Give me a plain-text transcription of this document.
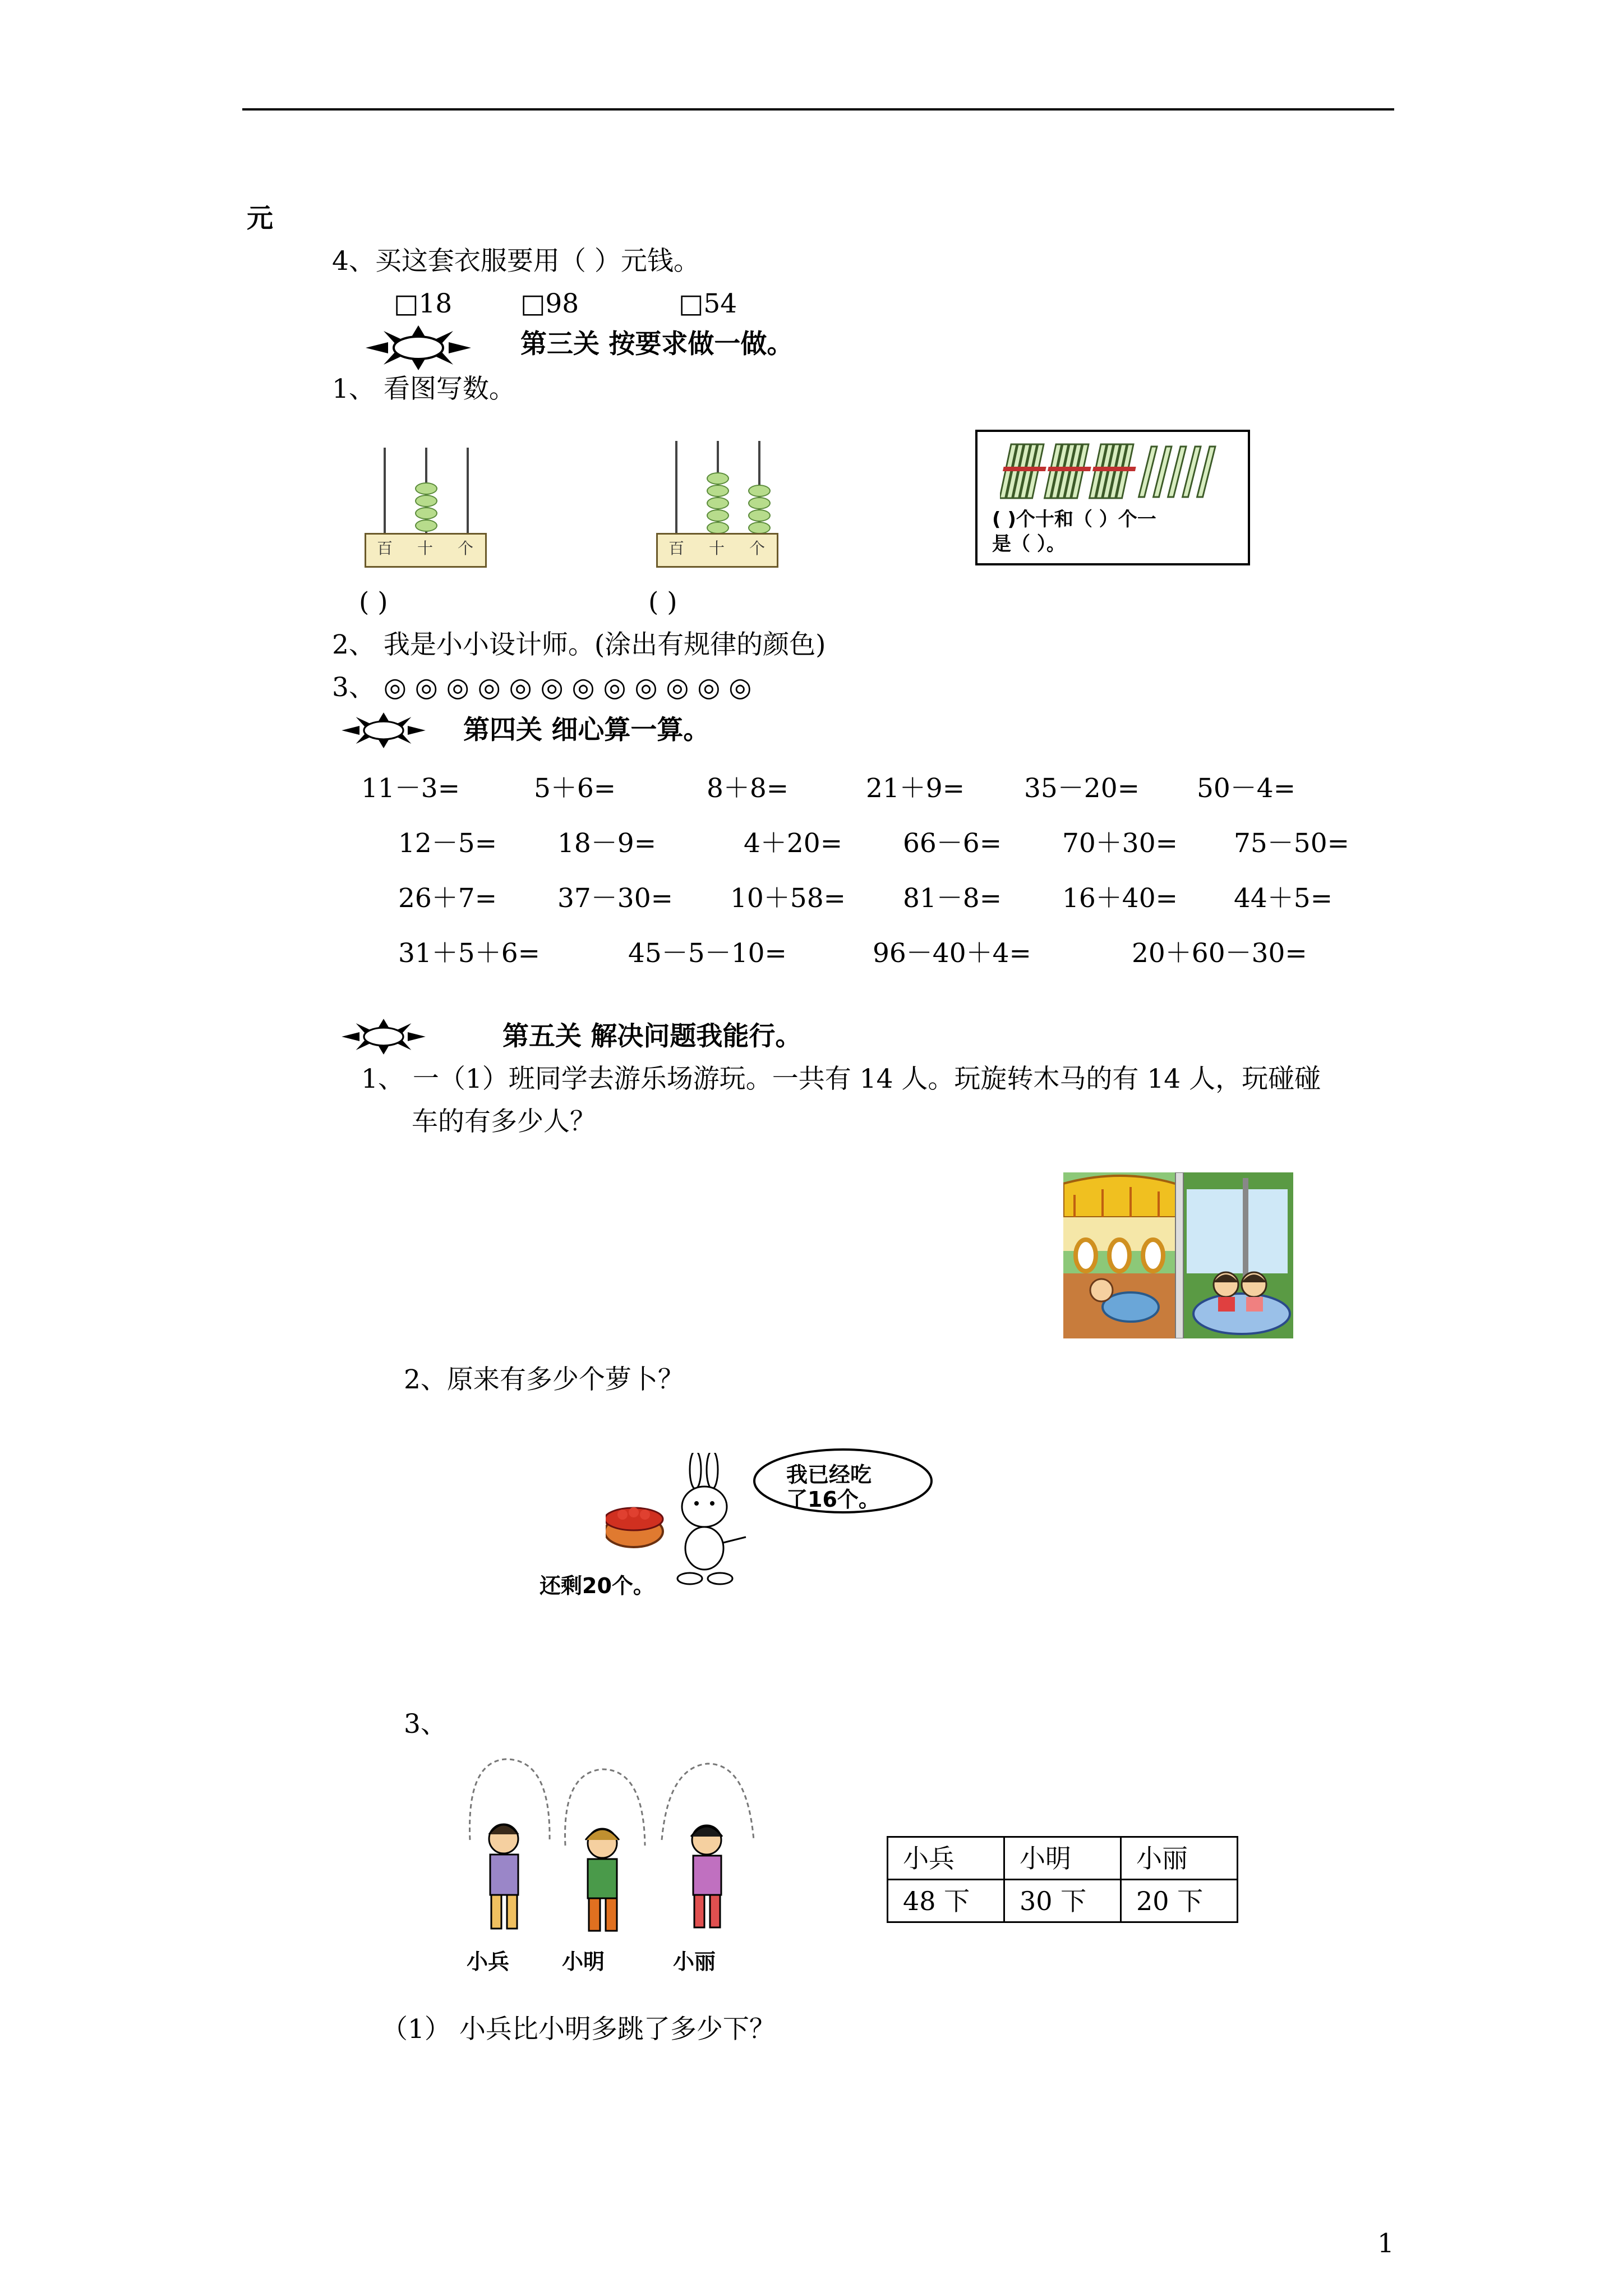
元
4、买这套衣服要用（ ）元钱。
□18	□98	□54
第三关 按要求做一做。
1、 看图写数。
百 十 个	百 十 个
( )个十和（ ）个一
是（ ）。
( )	( )
2、 我是小小设计师。(涂出有规律的颜色)
3、 ◎ ◎ ◎ ◎ ◎ ◎ ◎ ◎ ◎ ◎ ◎ ◎
第四关 细心算一算。
11－3=	5＋6=	8＋8=	21＋9= 35－20= 50－4=
12－5= 18－9=	4＋20= 66－6= 70＋30= 75－50=
26＋7= 37－30= 10＋58= 81－8= 16＋40= 44＋5=
31＋5＋6=	45－5－10=	96－40＋4=	20＋60－30=
第五关 解决问题我能行。
1、 一（1）班同学去游乐场游玩。一共有 14 人。玩旋转木马的有 14 人，玩碰碰
车的有多少人？
2、原来有多少个萝卜？
我已经吃
了16个。
还剩20个。
3、
小兵 小明	小丽
小兵	小明	小丽
48 下	30 下	20 下
（1） 小兵比小明多跳了多少下？
1
